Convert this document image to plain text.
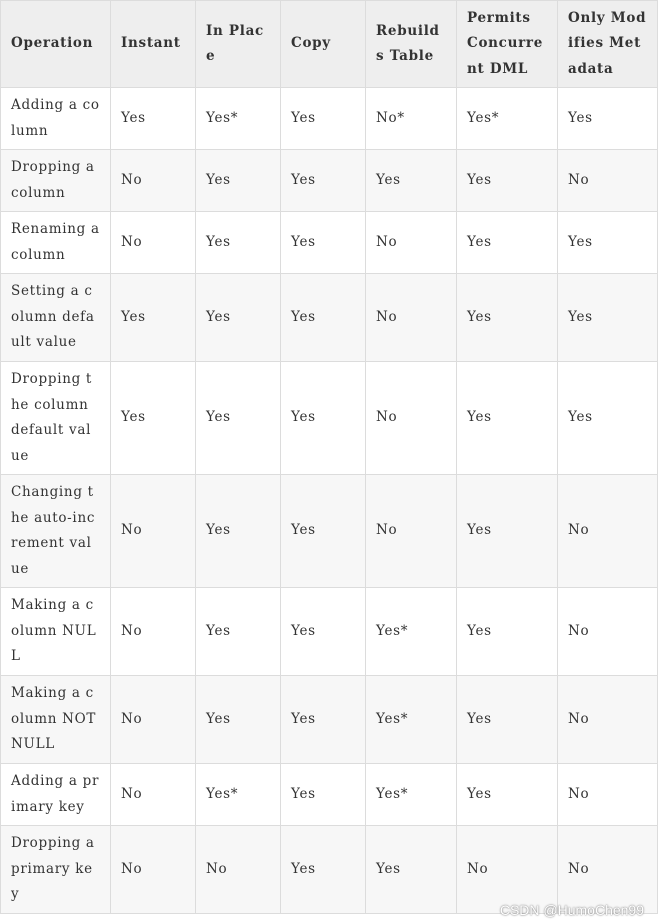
Operation	Instant	In Place	Copy	Rebuilds Table	Permits Concurrent DML	Only Modifies Metadata
Adding a column	Yes	Yes*	Yes	No*	Yes*	Yes
Dropping a column	No	Yes	Yes	Yes	Yes	No
Renaming a column	No	Yes	Yes	No	Yes	Yes
Setting a column default value	Yes	Yes	Yes	No	Yes	Yes
Dropping the column default value	Yes	Yes	Yes	No	Yes	Yes
Changing the auto-increment value	No	Yes	Yes	No	Yes	No
Making a column NULL	No	Yes	Yes	Yes*	Yes	No
Making a column NOT NULL	No	Yes	Yes	Yes*	Yes	No
Adding a primary key	No	Yes*	Yes	Yes*	Yes	No
Dropping a primary key	No	No	Yes	Yes	No	No
CSDN @HumoChen99
